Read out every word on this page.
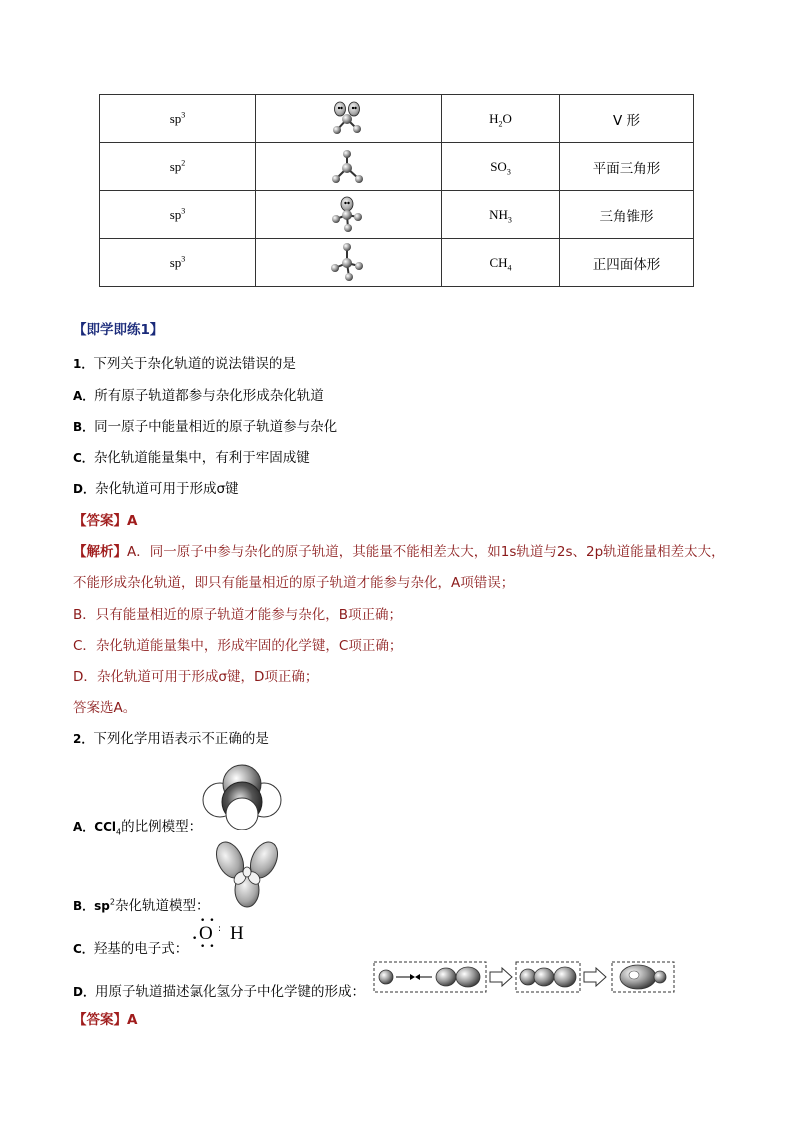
$sp^3$		$H_2O$	V 形
$sp^2$		$SO_3$	平面三角形
$sp^3$		$NH_3$	三角锥形
$sp^3$		$CH_4$	正四面体形
【即学即练1】
1．下列关于杂化轨道的说法错误的是
A．所有原子轨道都参与杂化形成杂化轨道
B．同一原子中能量相近的原子轨道参与杂化
C．杂化轨道能量集中，有利于牢固成键
D．杂化轨道可用于形成σ键
【答案】A
【解析】A．同一原子中参与杂化的原子轨道，其能量不能相差太大，如1s轨道与2s、2p轨道能量相差太大，
不能形成杂化轨道，即只有能量相近的原子轨道才能参与杂化，A项错误；
B．只有能量相近的原子轨道才能参与杂化，B项正确；
C．杂化轨道能量集中，形成牢固的化学键，C项正确；
D．杂化轨道可用于形成σ键，D项正确；
答案选A。
2．下列化学用语表示不正确的是
A．CCl$_4$的比例模型：
B．$sp^2$杂化轨道模型：
C．羟基的电子式：
•
••
••
O : H
D．用原子轨道描述氯化氢分子中化学键的形成：
【答案】A
